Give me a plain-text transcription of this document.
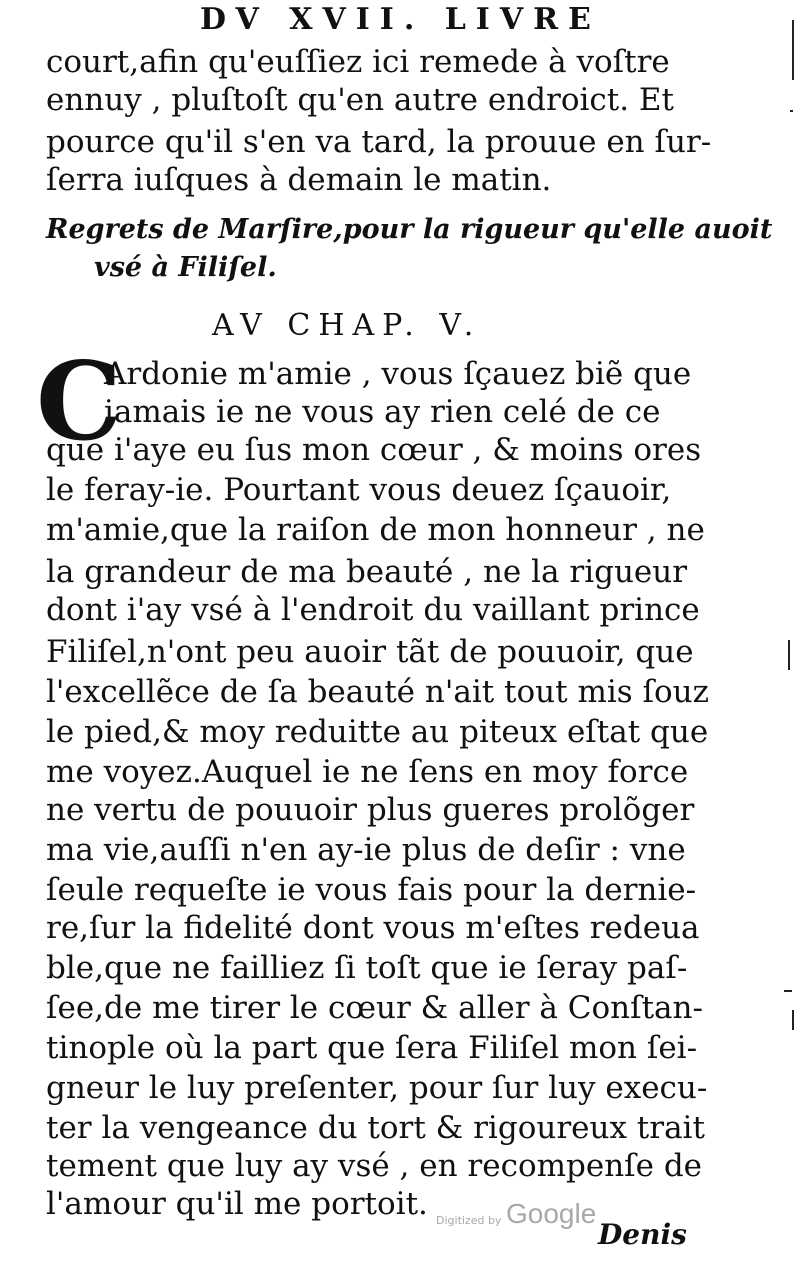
DV XVII. LIVRE
court,afin qu'euſſiez ici remede à voſtre
ennuy , pluſtoſt qu'en autre endroict. Et
pource qu'il s'en va tard, la prouue en ſur-
ſerra iuſques à demain le matin.
Regrets de Marſire,pour la rigueur qu'elle auoit
vsé à Filiſel.
AV CHAP. V.
C
Ardonie m'amie , vous ſçauez biẽ que
iamais ie ne vous ay rien celé de ce
que i'aye eu ſus mon cœur , & moins ores
le feray-ie. Pourtant vous deuez ſçauoir,
m'amie,que la raiſon de mon honneur , ne
la grandeur de ma beauté , ne la rigueur
dont i'ay vsé à l'endroit du vaillant prince
Filiſel,n'ont peu auoir tãt de pouuoir, que
l'excellẽce de ſa beauté n'ait tout mis ſouz
le pied,& moy reduitte au piteux eſtat que
me voyez.Auquel ie ne ſens en moy force
ne vertu de pouuoir plus gueres prolõger
ma vie,auſſi n'en ay-ie plus de deſir : vne
ſeule requeſte ie vous fais pour la dernie-
re,ſur la fidelité dont vous m'eſtes redeua
ble,que ne failliez ſi toſt que ie ſeray paſ-
ſee,de me tirer le cœur & aller à Conſtan-
tinople où la part que ſera Filiſel mon ſei-
gneur le luy preſenter, pour ſur luy execu-
ter la vengeance du tort & rigoureux trait
tement que luy ay vsé , en recompenſe de
l'amour qu'il me portoit. Digitized by Google
Denis
